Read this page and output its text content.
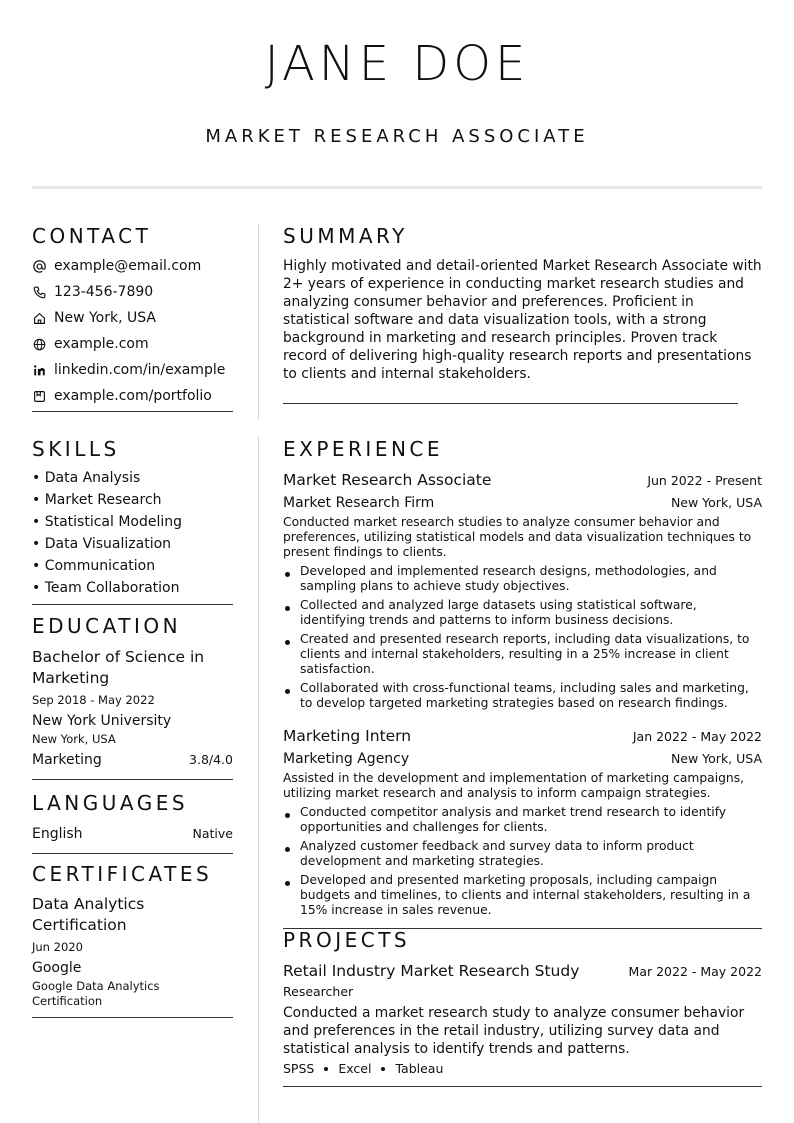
JANE DOE
MARKET RESEARCH ASSOCIATE
CONTACT
example@email.com
123-456-7890
New York, USA
example.com
linkedin.com/in/example
example.com/portfolio
SKILLS
• Data Analysis
• Market Research
• Statistical Modeling
• Data Visualization
• Communication
• Team Collaboration
EDUCATION
Bachelor of Science in Marketing
Sep 2018 - May 2022
New York University
New York, USA
Marketing	3.8/4.0
LANGUAGES
English	Native
CERTIFICATES
Data Analytics Certification
Jun 2020
Google
Google Data Analytics Certification
SUMMARY
Highly motivated and detail-oriented Market Research Associate with 2+ years of experience in conducting market research studies and analyzing consumer behavior and preferences. Proficient in statistical software and data visualization tools, with a strong background in marketing and research principles. Proven track record of delivering high-quality research reports and presentations to clients and internal stakeholders.
EXPERIENCE
Market Research Associate	Jun 2022 - Present
Market Research Firm	New York, USA
Conducted market research studies to analyze consumer behavior and preferences, utilizing statistical models and data visualization techniques to present findings to clients.
Developed and implemented research designs, methodologies, and sampling plans to achieve study objectives.
Collected and analyzed large datasets using statistical software, identifying trends and patterns to inform business decisions.
Created and presented research reports, including data visualizations, to clients and internal stakeholders, resulting in a 25% increase in client satisfaction.
Collaborated with cross-functional teams, including sales and marketing, to develop targeted marketing strategies based on research findings.
Marketing Intern	Jan 2022 - May 2022
Marketing Agency	New York, USA
Assisted in the development and implementation of marketing campaigns, utilizing market research and analysis to inform campaign strategies.
Conducted competitor analysis and market trend research to identify opportunities and challenges for clients.
Analyzed customer feedback and survey data to inform product development and marketing strategies.
Developed and presented marketing proposals, including campaign budgets and timelines, to clients and internal stakeholders, resulting in a 15% increase in sales revenue.
PROJECTS
Retail Industry Market Research Study	Mar 2022 - May 2022
Researcher
Conducted a market research study to analyze consumer behavior and preferences in the retail industry, utilizing survey data and statistical analysis to identify trends and patterns.
SPSS Excel Tableau
